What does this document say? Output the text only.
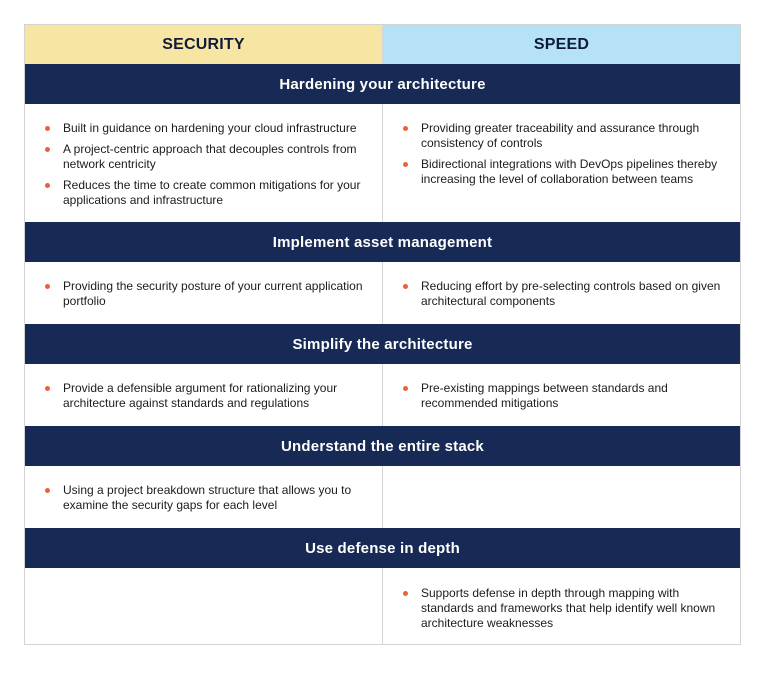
SECURITY	SPEED
Hardening your architecture
Built in guidance on hardening your cloud infrastructure
A project-centric approach that decouples controls from network centricity
Reduces the time to create common mitigations for your applications and infrastructure
Providing greater traceability and assurance through consistency of controls
Bidirectional integrations with DevOps pipelines thereby increasing the level of collaboration between teams
Implement asset management
Providing the security posture of your current application portfolio
Reducing effort by pre-selecting controls based on given architectural components
Simplify the architecture
Provide a defensible argument for rationalizing your architecture against standards and regulations
Pre-existing mappings between standards and recommended mitigations
Understand the entire stack
Using a project breakdown structure that allows you to examine the security gaps for each level
Use defense in depth
Supports defense in depth through mapping with standards and frameworks that help identify well known architecture weaknesses
